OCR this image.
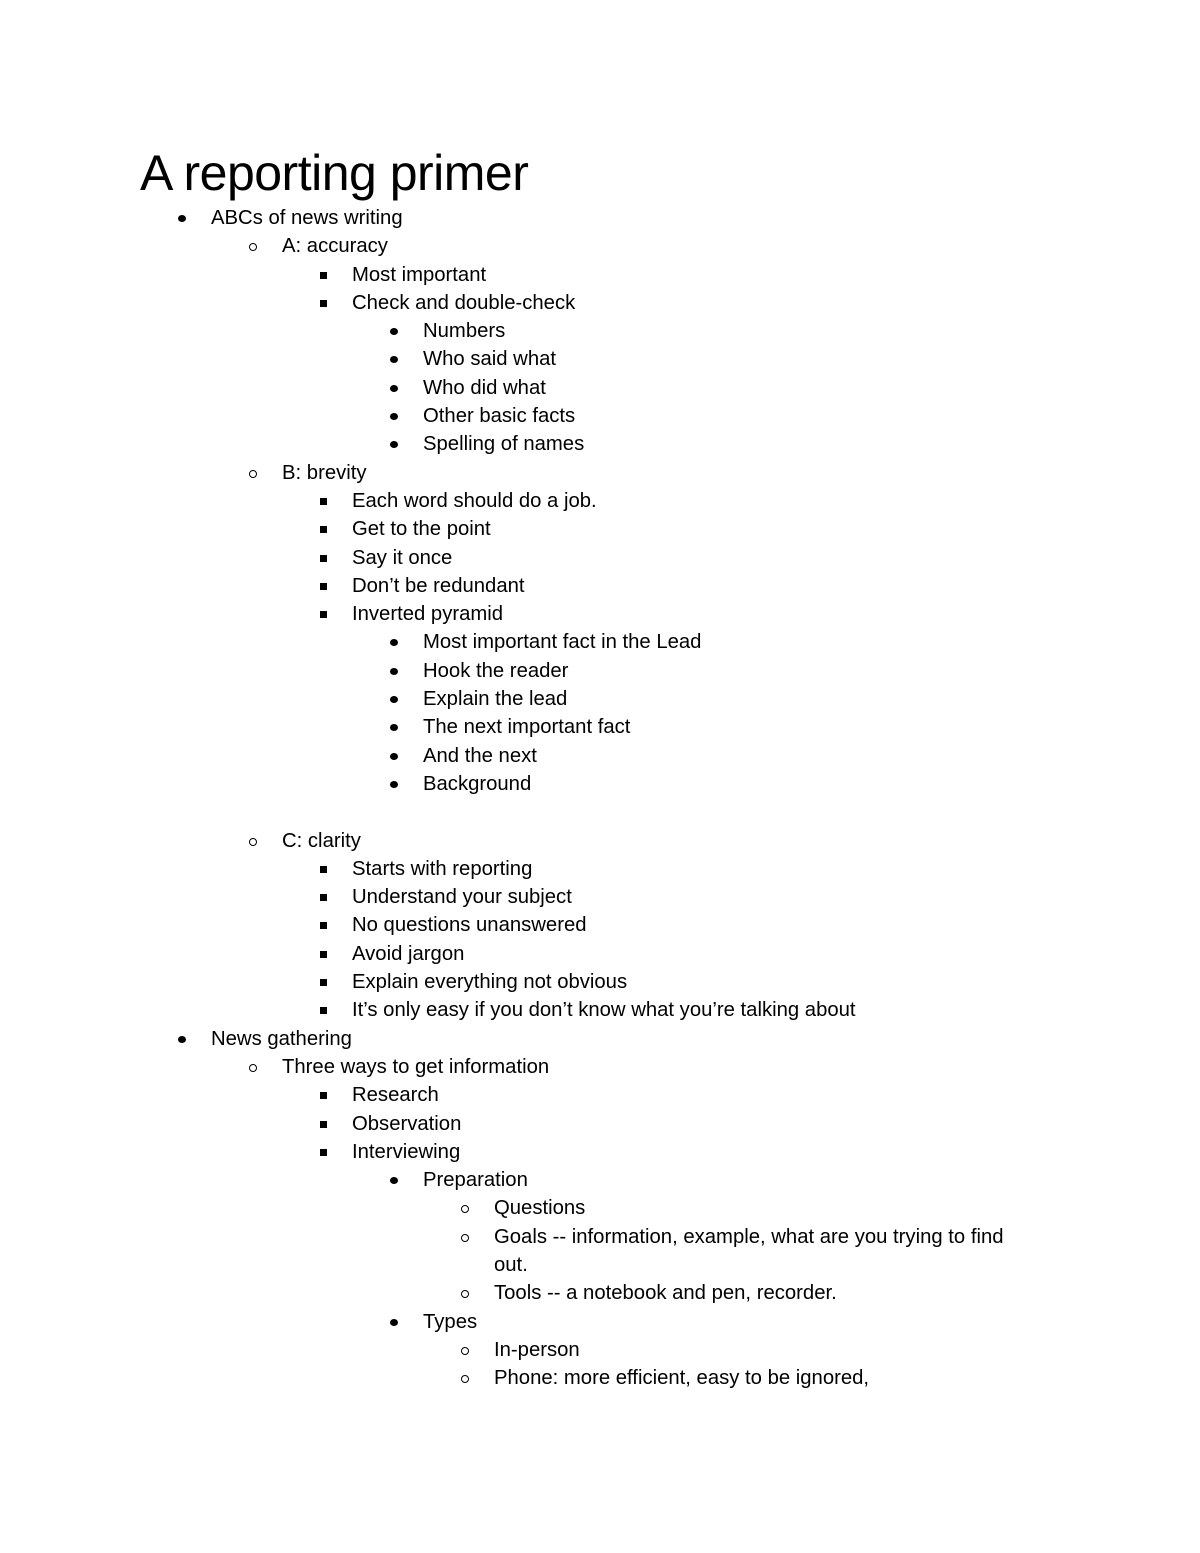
A reporting primer
ABCs of news writing
A: accuracy
Most important
Check and double-check
Numbers
Who said what
Who did what
Other basic facts
Spelling of names
B: brevity
Each word should do a job.
Get to the point
Say it once
Don’t be redundant
Inverted pyramid
Most important fact in the Lead
Hook the reader
Explain the lead
The next important fact
And the next
Background
C: clarity
Starts with reporting
Understand your subject
No questions unanswered
Avoid jargon
Explain everything not obvious
It’s only easy if you don’t know what you’re talking about
News gathering
Three ways to get information
Research
Observation
Interviewing
Preparation
Questions
Goals -- information, example, what are you trying to find out.
Tools -- a notebook and pen, recorder.
Types
In-person
Phone: more efficient, easy to be ignored,
